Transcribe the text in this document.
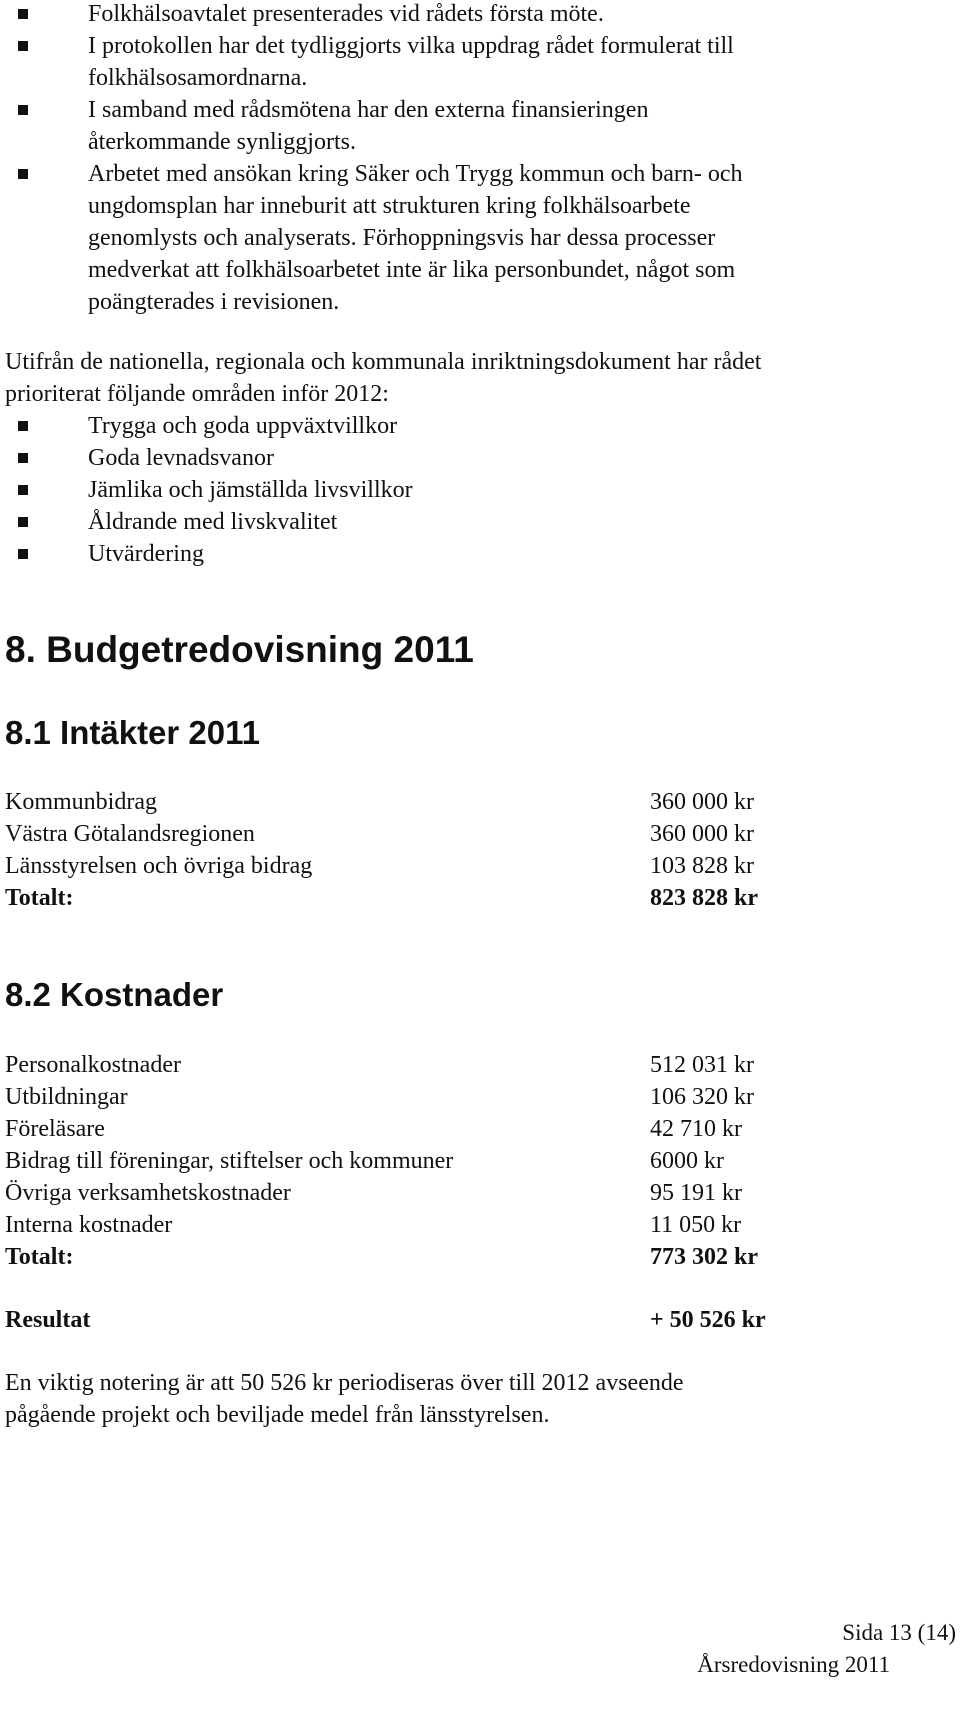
Folkhälsoavtalet presenterades vid rådets första möte.
I protokollen har det tydliggjorts vilka uppdrag rådet formulerat till
folkhälsosamordnarna.
I samband med rådsmötena har den externa finansieringen
återkommande synliggjorts.
Arbetet med ansökan kring Säker och Trygg kommun och barn- och
ungdomsplan har inneburit att strukturen kring folkhälsoarbete
genomlysts och analyserats. Förhoppningsvis har dessa processer
medverkat att folkhälsoarbetet inte är lika personbundet, något som
poängterades i revisionen.
Utifrån de nationella, regionala och kommunala inriktningsdokument har rådet
prioriterat följande områden inför 2012:
Trygga och goda uppväxtvillkor
Goda levnadsvanor
Jämlika och jämställda livsvillkor
Åldrande med livskvalitet
Utvärdering
8. Budgetredovisning 2011
8.1 Intäkter 2011
Kommunbidrag	360 000 kr
Västra Götalandsregionen	360 000 kr
Länsstyrelsen och övriga bidrag	103 828 kr
Totalt:	823 828 kr
8.2 Kostnader
Personalkostnader	512 031 kr
Utbildningar	106 320 kr
Föreläsare	42 710 kr
Bidrag till föreningar, stiftelser och kommuner	6000 kr
Övriga verksamhetskostnader	95 191 kr
Interna kostnader	11 050 kr
Totalt:	773 302 kr
Resultat	+ 50 526 kr
En viktig notering är att 50 526 kr periodiseras över till 2012 avseende
pågående projekt och beviljade medel från länsstyrelsen.
Sida 13 (14)
Årsredovisning 2011
